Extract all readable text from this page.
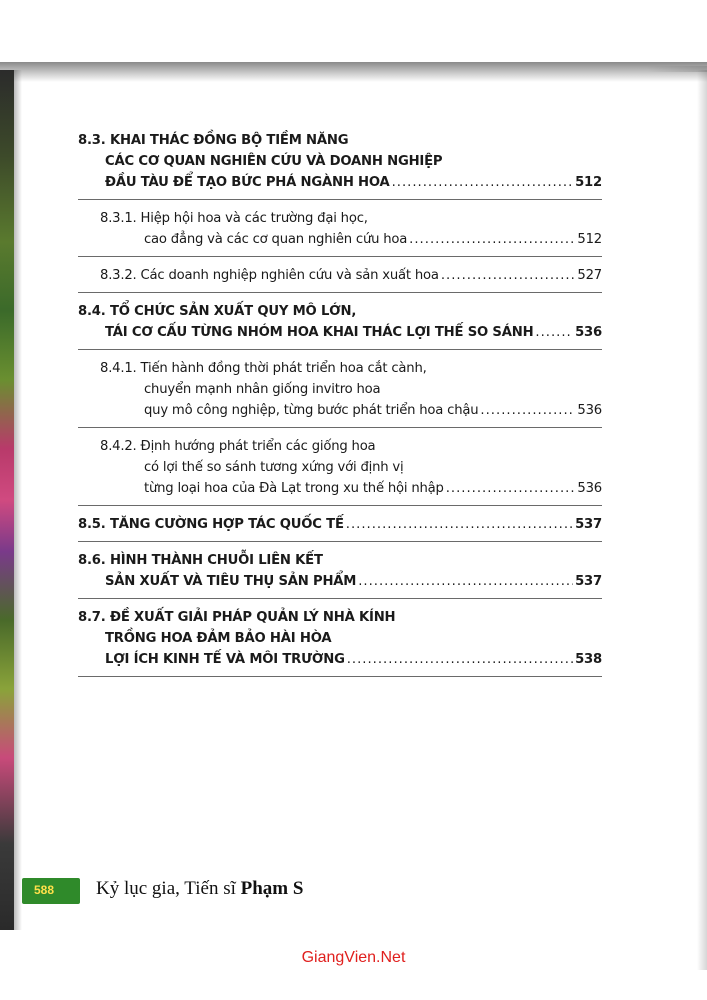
8.3. KHAI THÁC ĐỒNG BỘ TIỀM NĂNG
CÁC CƠ QUAN NGHIÊN CỨU VÀ DOANH NGHIỆP
ĐẦU TÀU ĐỂ TẠO BỨC PHÁ NGÀNH HOA .....	512
8.3.1. Hiệp hội hoa và các trường đại học,
cao đẳng và các cơ quan nghiên cứu hoa .....	512
8.3.2. Các doanh nghiệp nghiên cứu và sản xuất hoa .....	527
8.4. TỔ CHỨC SẢN XUẤT QUY MÔ LỚN,
TÁI CƠ CẤU TỪNG NHÓM HOA KHAI THÁC LỢI THẾ SO SÁNH .....	536
8.4.1. Tiến hành đồng thời phát triển hoa cắt cành,
chuyển mạnh nhân giống invitro hoa
quy mô công nghiệp, từng bước phát triển hoa chậu .....	536
8.4.2. Định hướng phát triển các giống hoa
có lợi thế so sánh tương xứng với định vị
từng loại hoa của Đà Lạt trong xu thế hội nhập .....	536
8.5. TĂNG CƯỜNG HỢP TÁC QUỐC TẾ .....	537
8.6. HÌNH THÀNH CHUỖI LIÊN KẾT
SẢN XUẤT VÀ TIÊU THỤ SẢN PHẨM .....	537
8.7. ĐỀ XUẤT GIẢI PHÁP QUẢN LÝ NHÀ KÍNH
TRỒNG HOA ĐẢM BẢO HÀI HÒA
LỢI ÍCH KINH TẾ VÀ MÔI TRƯỜNG .....	538
588 Kỷ lục gia, Tiến sĩ Phạm S
GiangVien.Net
